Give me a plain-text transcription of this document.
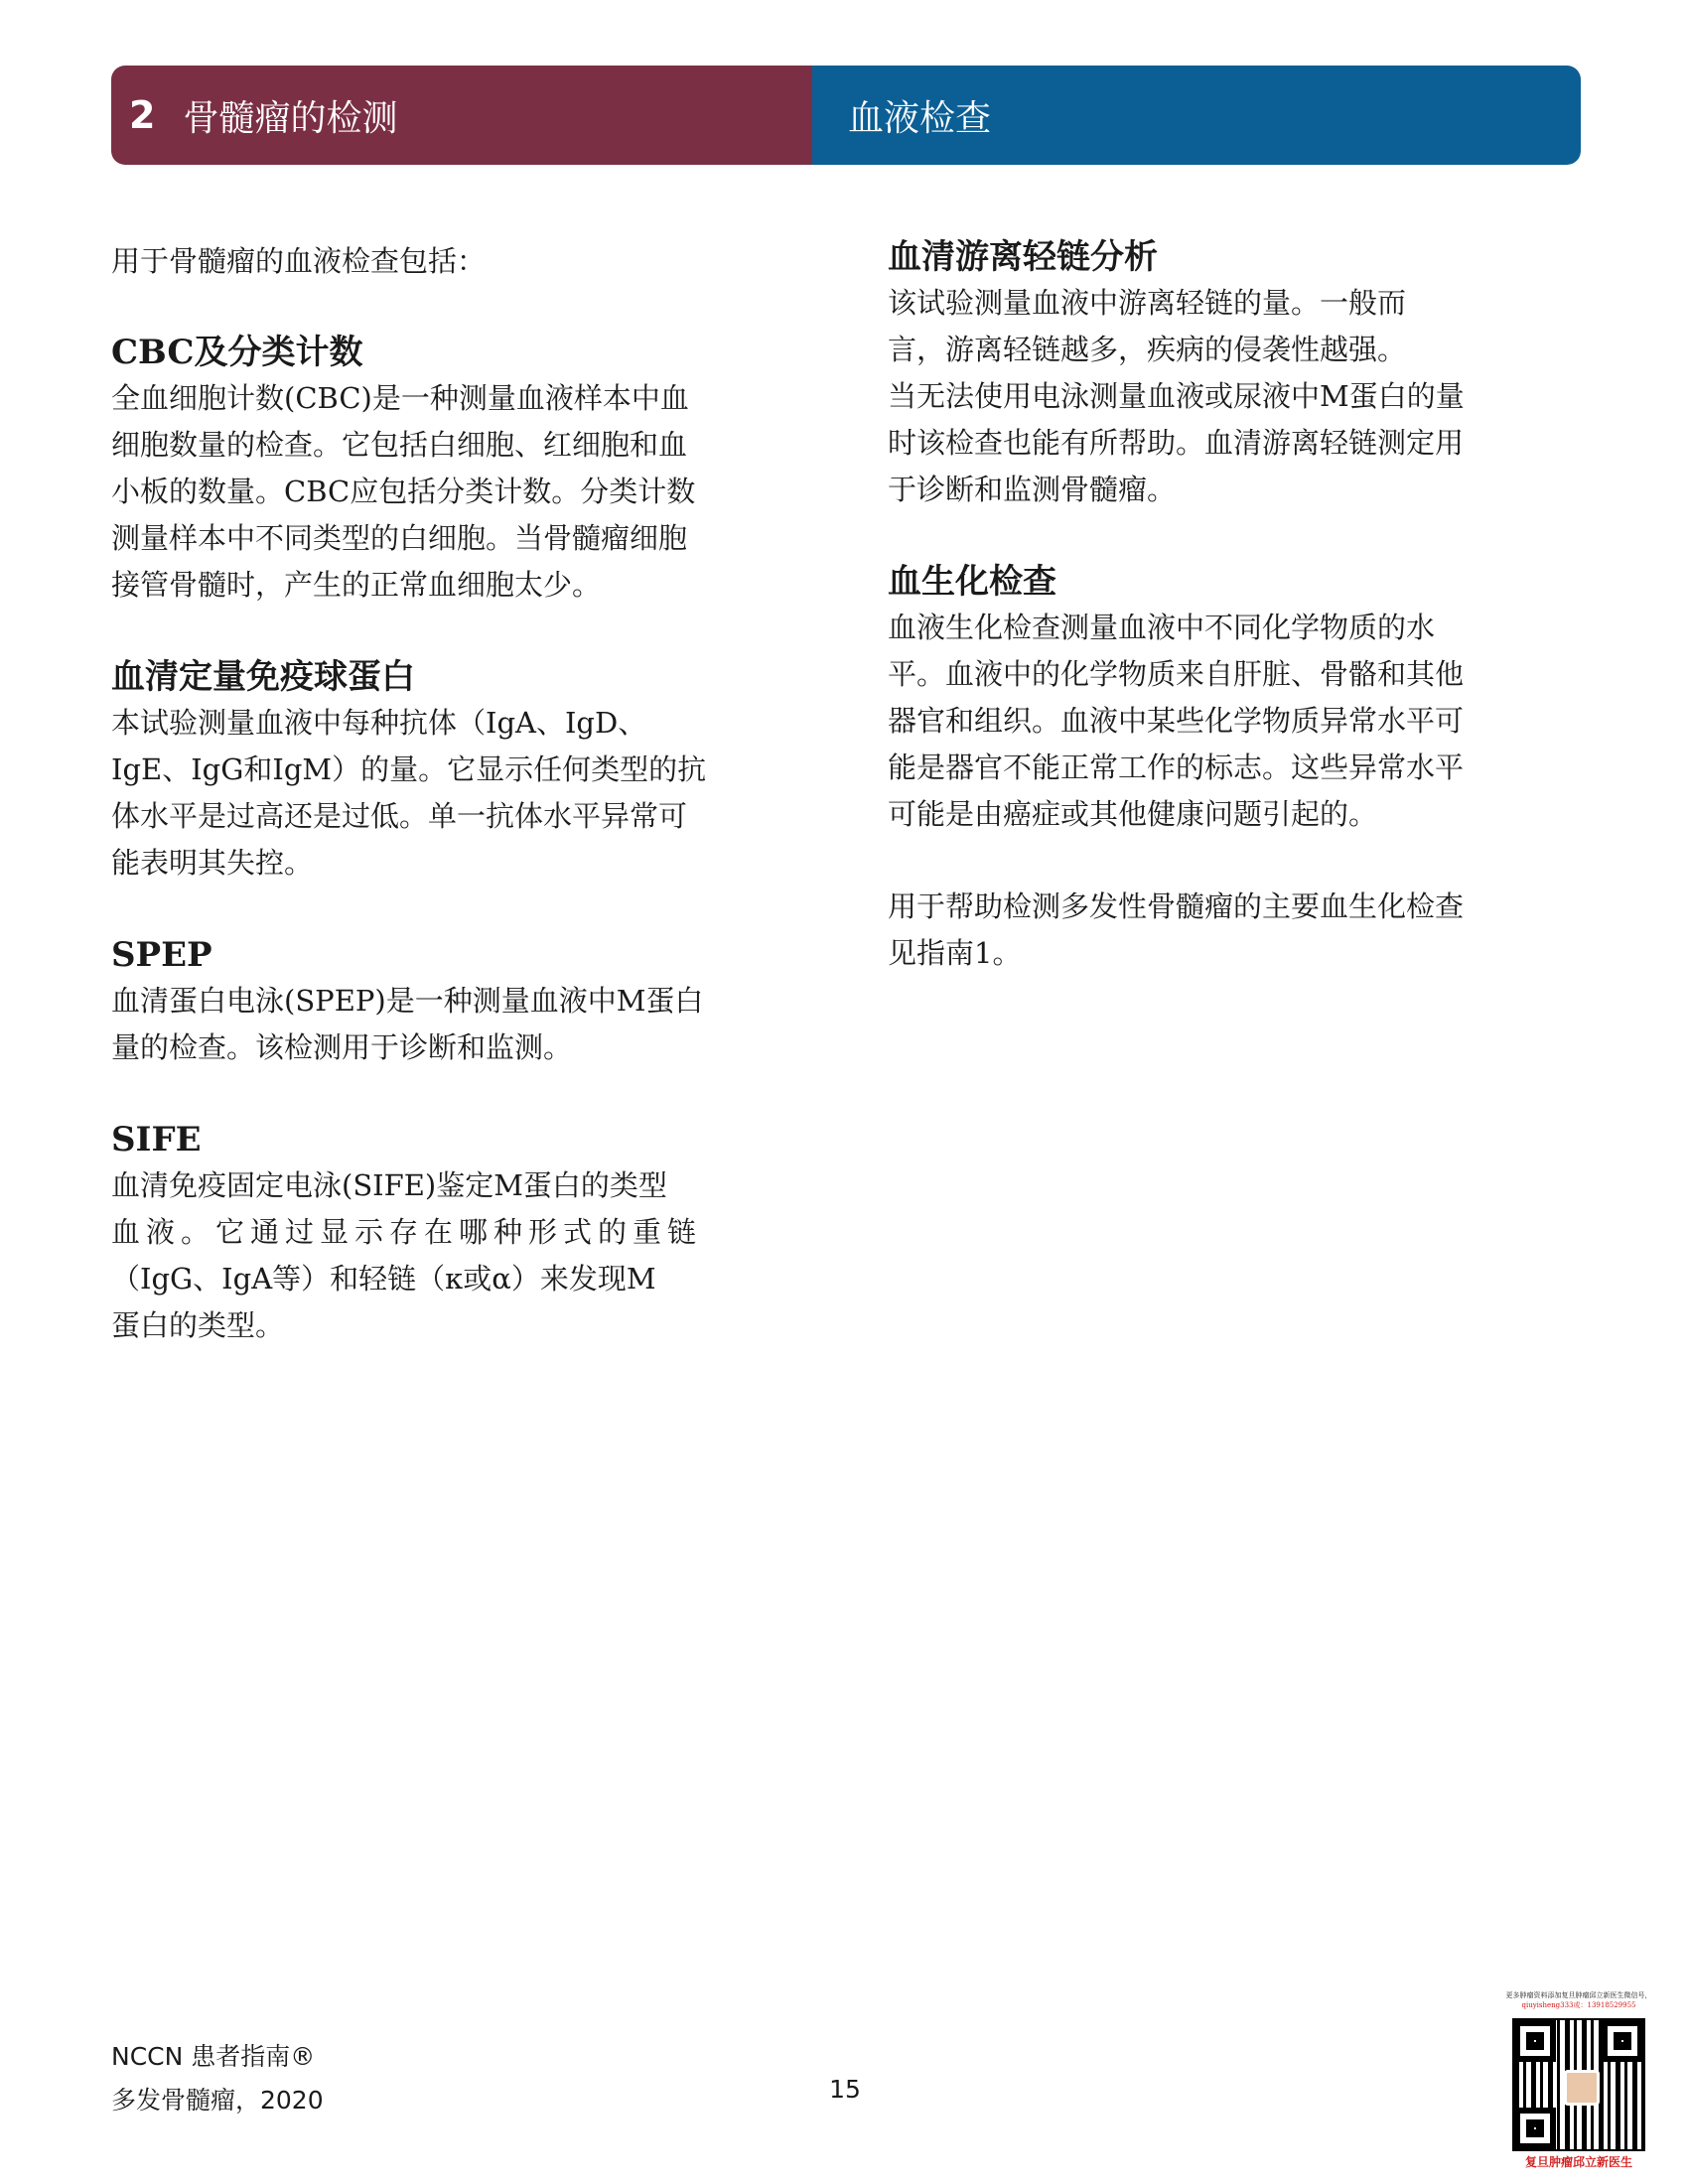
2 骨髓瘤的检测	血液检查

用于骨髓瘤的血液检查包括：

CBC及分类计数

全血细胞计数(CBC)是一种测量血液样本中血

细胞数量的检查。它包括白细胞、红细胞和血

小板的数量。CBC应包括分类计数。分类计数

测量样本中不同类型的白细胞。当骨髓瘤细胞

接管骨髓时，产生的正常血细胞太少。

血清定量免疫球蛋白

本试验测量血液中每种抗体（IgA、IgD、

IgE、IgG和IgM）的量。它显示任何类型的抗

体水平是过高还是过低。单一抗体水平异常可

能表明其失控。

SPEP

血清蛋白电泳(SPEP)是一种测量血液中M蛋白

量的检查。该检测用于诊断和监测。

SIFE

血清免疫固定电泳(SIFE)鉴定M蛋白的类型

血液。它通过显示存在哪种形式的重链

（IgG、IgA等）和轻链（κ或α）来发现M

蛋白的类型。

血清游离轻链分析

该试验测量血液中游离轻链的量。一般而

言，游离轻链越多，疾病的侵袭性越强。

当无法使用电泳测量血液或尿液中M蛋白的量

时该检查也能有所帮助。血清游离轻链测定用

于诊断和监测骨髓瘤。

血生化检查

血液生化检查测量血液中不同化学物质的水

平。血液中的化学物质来自肝脏、骨骼和其他

器官和组织。血液中某些化学物质异常水平可

能是器官不能正常工作的标志。这些异常水平

可能是由癌症或其他健康问题引起的。

用于帮助检测多发性骨髓瘤的主要血生化检查

见指南1。

NCCN 患者指南®
多发骨髓瘤，2020	15
更多肿瘤资料添加复旦肿瘤邱立新医生微信号，
qiuyisheng333或：13918529955
复旦肿瘤邱立新医生
